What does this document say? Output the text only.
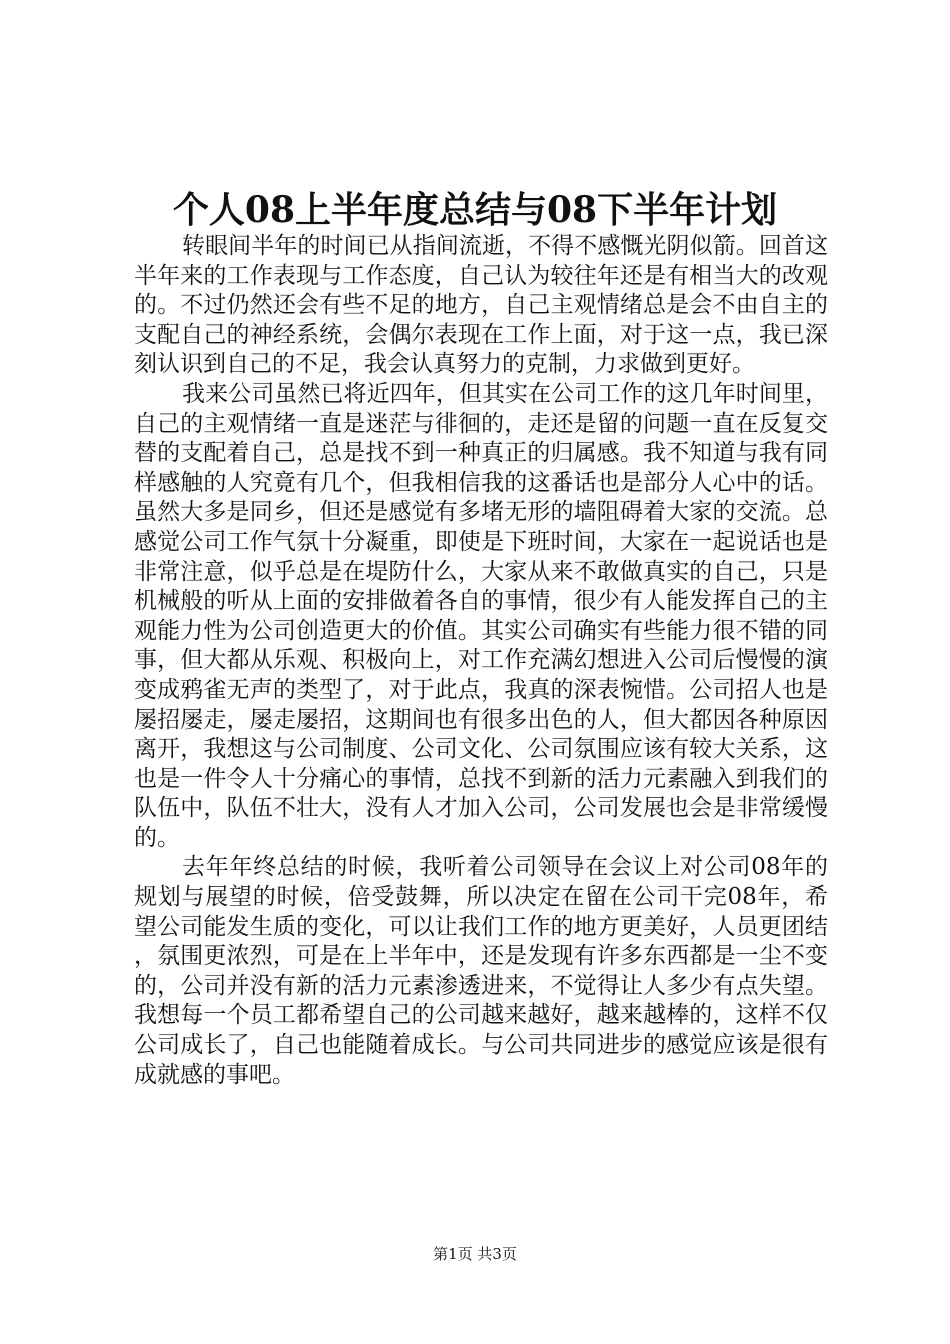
个人08上半年度总结与08下半年计划

转眼间半年的时间已从指间流逝，不得不感慨光阴似箭。回首这半年来的工作表现与工作态度，自己认为较往年还是有相当大的改观的。不过仍然还会有些不足的地方，自己主观情绪总是会不由自主的支配自己的神经系统，会偶尔表现在工作上面，对于这一点，我已深刻认识到自己的不足，我会认真努力的克制，力求做到更好。

我来公司虽然已将近四年，但其实在公司工作的这几年时间里，自己的主观情绪一直是迷茫与徘徊的，走还是留的问题一直在反复交替的支配着自己，总是找不到一种真正的归属感。我不知道与我有同样感触的人究竟有几个，但我相信我的这番话也是部分人心中的话。虽然大多是同乡，但还是感觉有多堵无形的墙阻碍着大家的交流。总感觉公司工作气氛十分凝重，即使是下班时间，大家在一起说话也是非常注意，似乎总是在堤防什么，大家从来不敢做真实的自己，只是机械般的听从上面的安排做着各自的事情，很少有人能发挥自己的主观能力性为公司创造更大的价值。其实公司确实有些能力很不错的同事，但大都从乐观、积极向上，对工作充满幻想进入公司后慢慢的演变成鸦雀无声的类型了，对于此点，我真的深表惋惜。公司招人也是屡招屡走，屡走屡招，这期间也有很多出色的人，但大都因各种原因离开，我想这与公司制度、公司文化、公司氛围应该有较大关系，这也是一件令人十分痛心的事情，总找不到新的活力元素融入到我们的队伍中，队伍不壮大，没有人才加入公司，公司发展也会是非常缓慢的。

去年年终总结的时候，我听着公司领导在会议上对公司08年的规划与展望的时候，倍受鼓舞，所以决定在留在公司干完08年，希望公司能发生质的变化，可以让我们工作的地方更美好，人员更团结，氛围更浓烈，可是在上半年中，还是发现有许多东西都是一尘不变的，公司并没有新的活力元素渗透进来，不觉得让人多少有点失望。我想每一个员工都希望自己的公司越来越好，越来越棒的，这样不仅公司成长了，自己也能随着成长。与公司共同进步的感觉应该是很有成就感的事吧。

第1页 共3页
